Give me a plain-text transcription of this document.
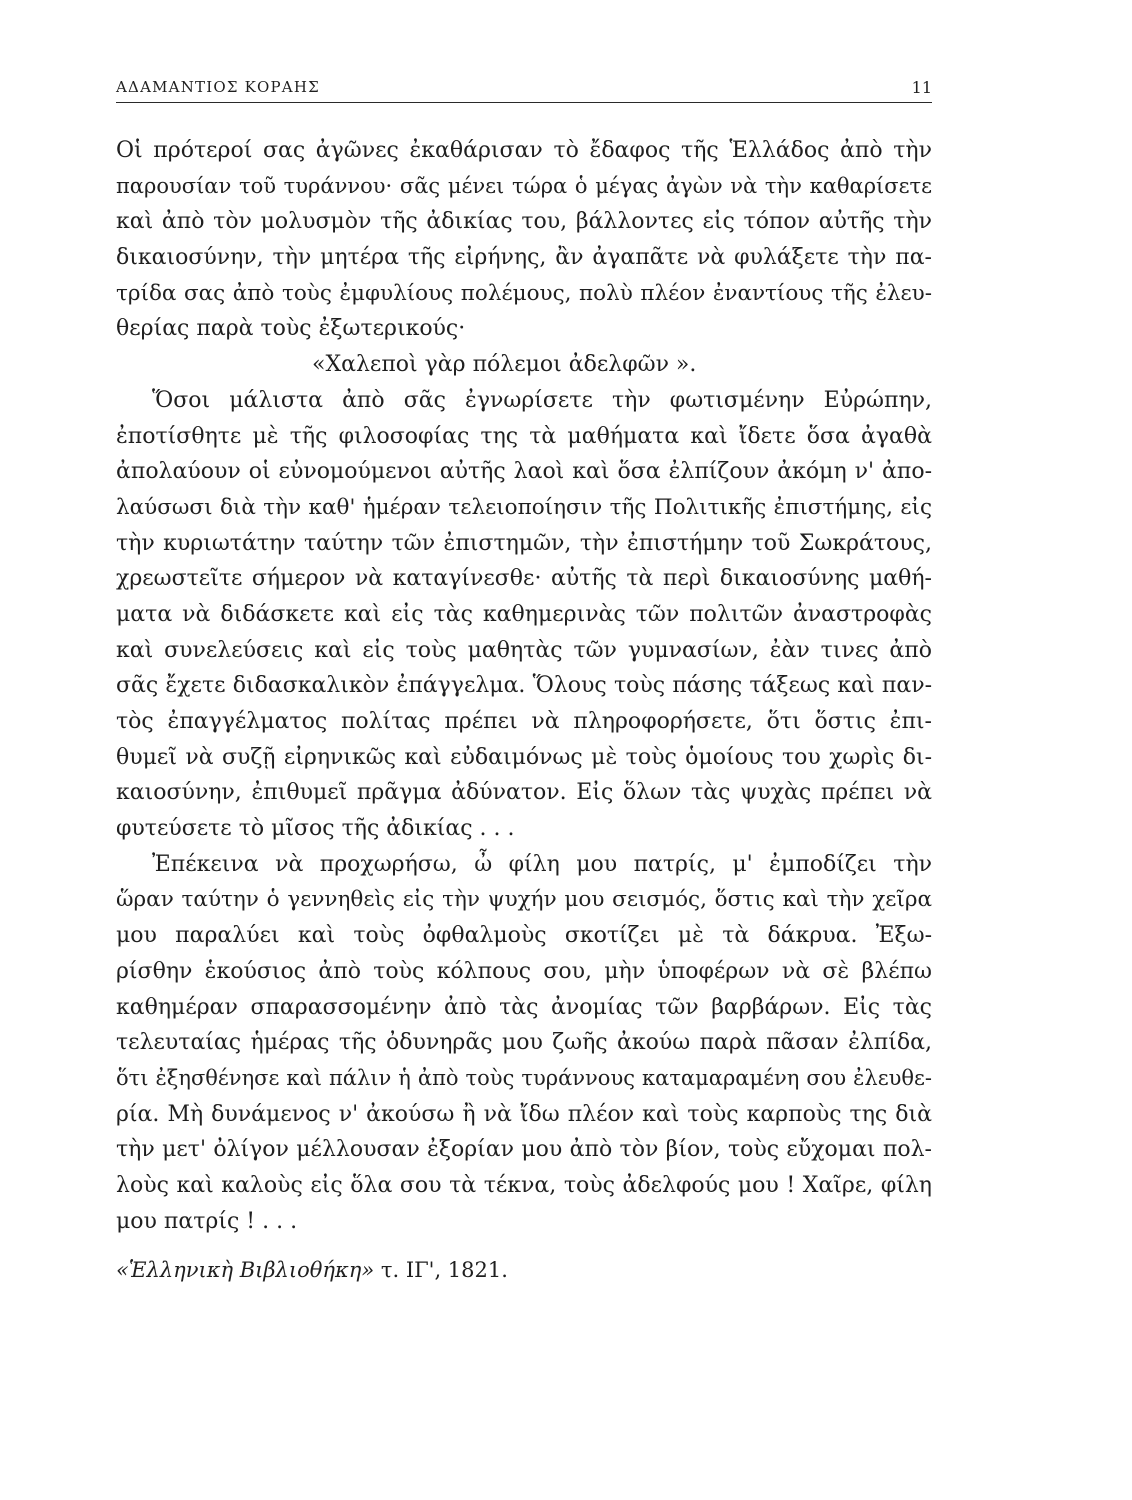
ΑΔΑΜΑΝΤΙΟΣ ΚΟΡΑΗΣ	11
Οἱ πρότεροί σας ἀγῶνες ἐκαθάρισαν τὸ ἔδαφος τῆς Ἑλλάδος ἀπὸ τὴν
παρουσίαν τοῦ τυράννου· σᾶς μένει τώρα ὁ μέγας ἀγὼν νὰ τὴν καθαρίσετε
καὶ ἀπὸ τὸν μολυσμὸν τῆς ἀδικίας του, βάλλοντες εἰς τόπον αὐτῆς τὴν
δικαιοσύνην, τὴν μητέρα τῆς εἰρήνης, ἂν ἀγαπᾶτε νὰ φυλάξετε τὴν πα-
τρίδα σας ἀπὸ τοὺς ἐμφυλίους πολέμους, πολὺ πλέον ἐναντίους τῆς ἐλευ-
θερίας παρὰ τοὺς ἐξωτερικούς·
«Χαλεποὶ γὰρ πόλεμοι ἀδελφῶν ».
Ὅσοι μάλιστα ἀπὸ σᾶς ἐγνωρίσετε τὴν φωτισμένην Εὐρώπην,
ἐποτίσθητε μὲ τῆς φιλοσοφίας της τὰ μαθήματα καὶ ἴδετε ὅσα ἀγαθὰ
ἀπολαύουν οἱ εὐνομούμενοι αὐτῆς λαοὶ καὶ ὅσα ἐλπίζουν ἀκόμη ν' ἀπο-
λαύσωσι διὰ τὴν καθ' ἡμέραν τελειοποίησιν τῆς Πολιτικῆς ἐπιστήμης, εἰς
τὴν κυριωτάτην ταύτην τῶν ἐπιστημῶν, τὴν ἐπιστήμην τοῦ Σωκράτους,
χρεωστεῖτε σήμερον νὰ καταγίνεσθε· αὐτῆς τὰ περὶ δικαιοσύνης μαθή-
ματα νὰ διδάσκετε καὶ εἰς τὰς καθημερινὰς τῶν πολιτῶν ἀναστροφὰς
καὶ συνελεύσεις καὶ εἰς τοὺς μαθητὰς τῶν γυμνασίων, ἐὰν τινες ἀπὸ
σᾶς ἔχετε διδασκαλικὸν ἐπάγγελμα. Ὅλους τοὺς πάσης τάξεως καὶ παν-
τὸς ἐπαγγέλματος πολίτας πρέπει νὰ πληροφορήσετε, ὅτι ὅστις ἐπι-
θυμεῖ νὰ συζῇ εἰρηνικῶς καὶ εὐδαιμόνως μὲ τοὺς ὁμοίους του χωρὶς δι-
καιοσύνην, ἐπιθυμεῖ πρᾶγμα ἀδύνατον. Εἰς ὅλων τὰς ψυχὰς πρέπει νὰ
φυτεύσετε τὸ μῖσος τῆς ἀδικίας . . .
Ἐπέκεινα νὰ προχωρήσω, ὦ φίλη μου πατρίς, μ' ἐμποδίζει τὴν
ὥραν ταύτην ὁ γεννηθεὶς εἰς τὴν ψυχήν μου σεισμός, ὅστις καὶ τὴν χεῖρα
μου παραλύει καὶ τοὺς ὀφθαλμοὺς σκοτίζει μὲ τὰ δάκρυα. Ἐξω-
ρίσθην ἑκούσιος ἀπὸ τοὺς κόλπους σου, μὴν ὑποφέρων νὰ σὲ βλέπω
καθημέραν σπαρασσομένην ἀπὸ τὰς ἀνομίας τῶν βαρβάρων. Εἰς τὰς
τελευταίας ἡμέρας τῆς ὀδυνηρᾶς μου ζωῆς ἀκούω παρὰ πᾶσαν ἐλπίδα,
ὅτι ἐξησθένησε καὶ πάλιν ἡ ἀπὸ τοὺς τυράννους καταμαραμένη σου ἐλευθε-
ρία. Μὴ δυνάμενος ν' ἀκούσω ἢ νὰ ἴδω πλέον καὶ τοὺς καρποὺς της διὰ
τὴν μετ' ὀλίγον μέλλουσαν ἐξορίαν μου ἀπὸ τὸν βίον, τοὺς εὔχομαι πολ-
λοὺς καὶ καλοὺς εἰς ὅλα σου τὰ τέκνα, τοὺς ἀδελφούς μου ! Χαῖρε, φίλη
μου πατρίς ! . . .
«Ἑλληνικὴ Βιβλιοθήκη» τ. ΙΓ', 1821.
